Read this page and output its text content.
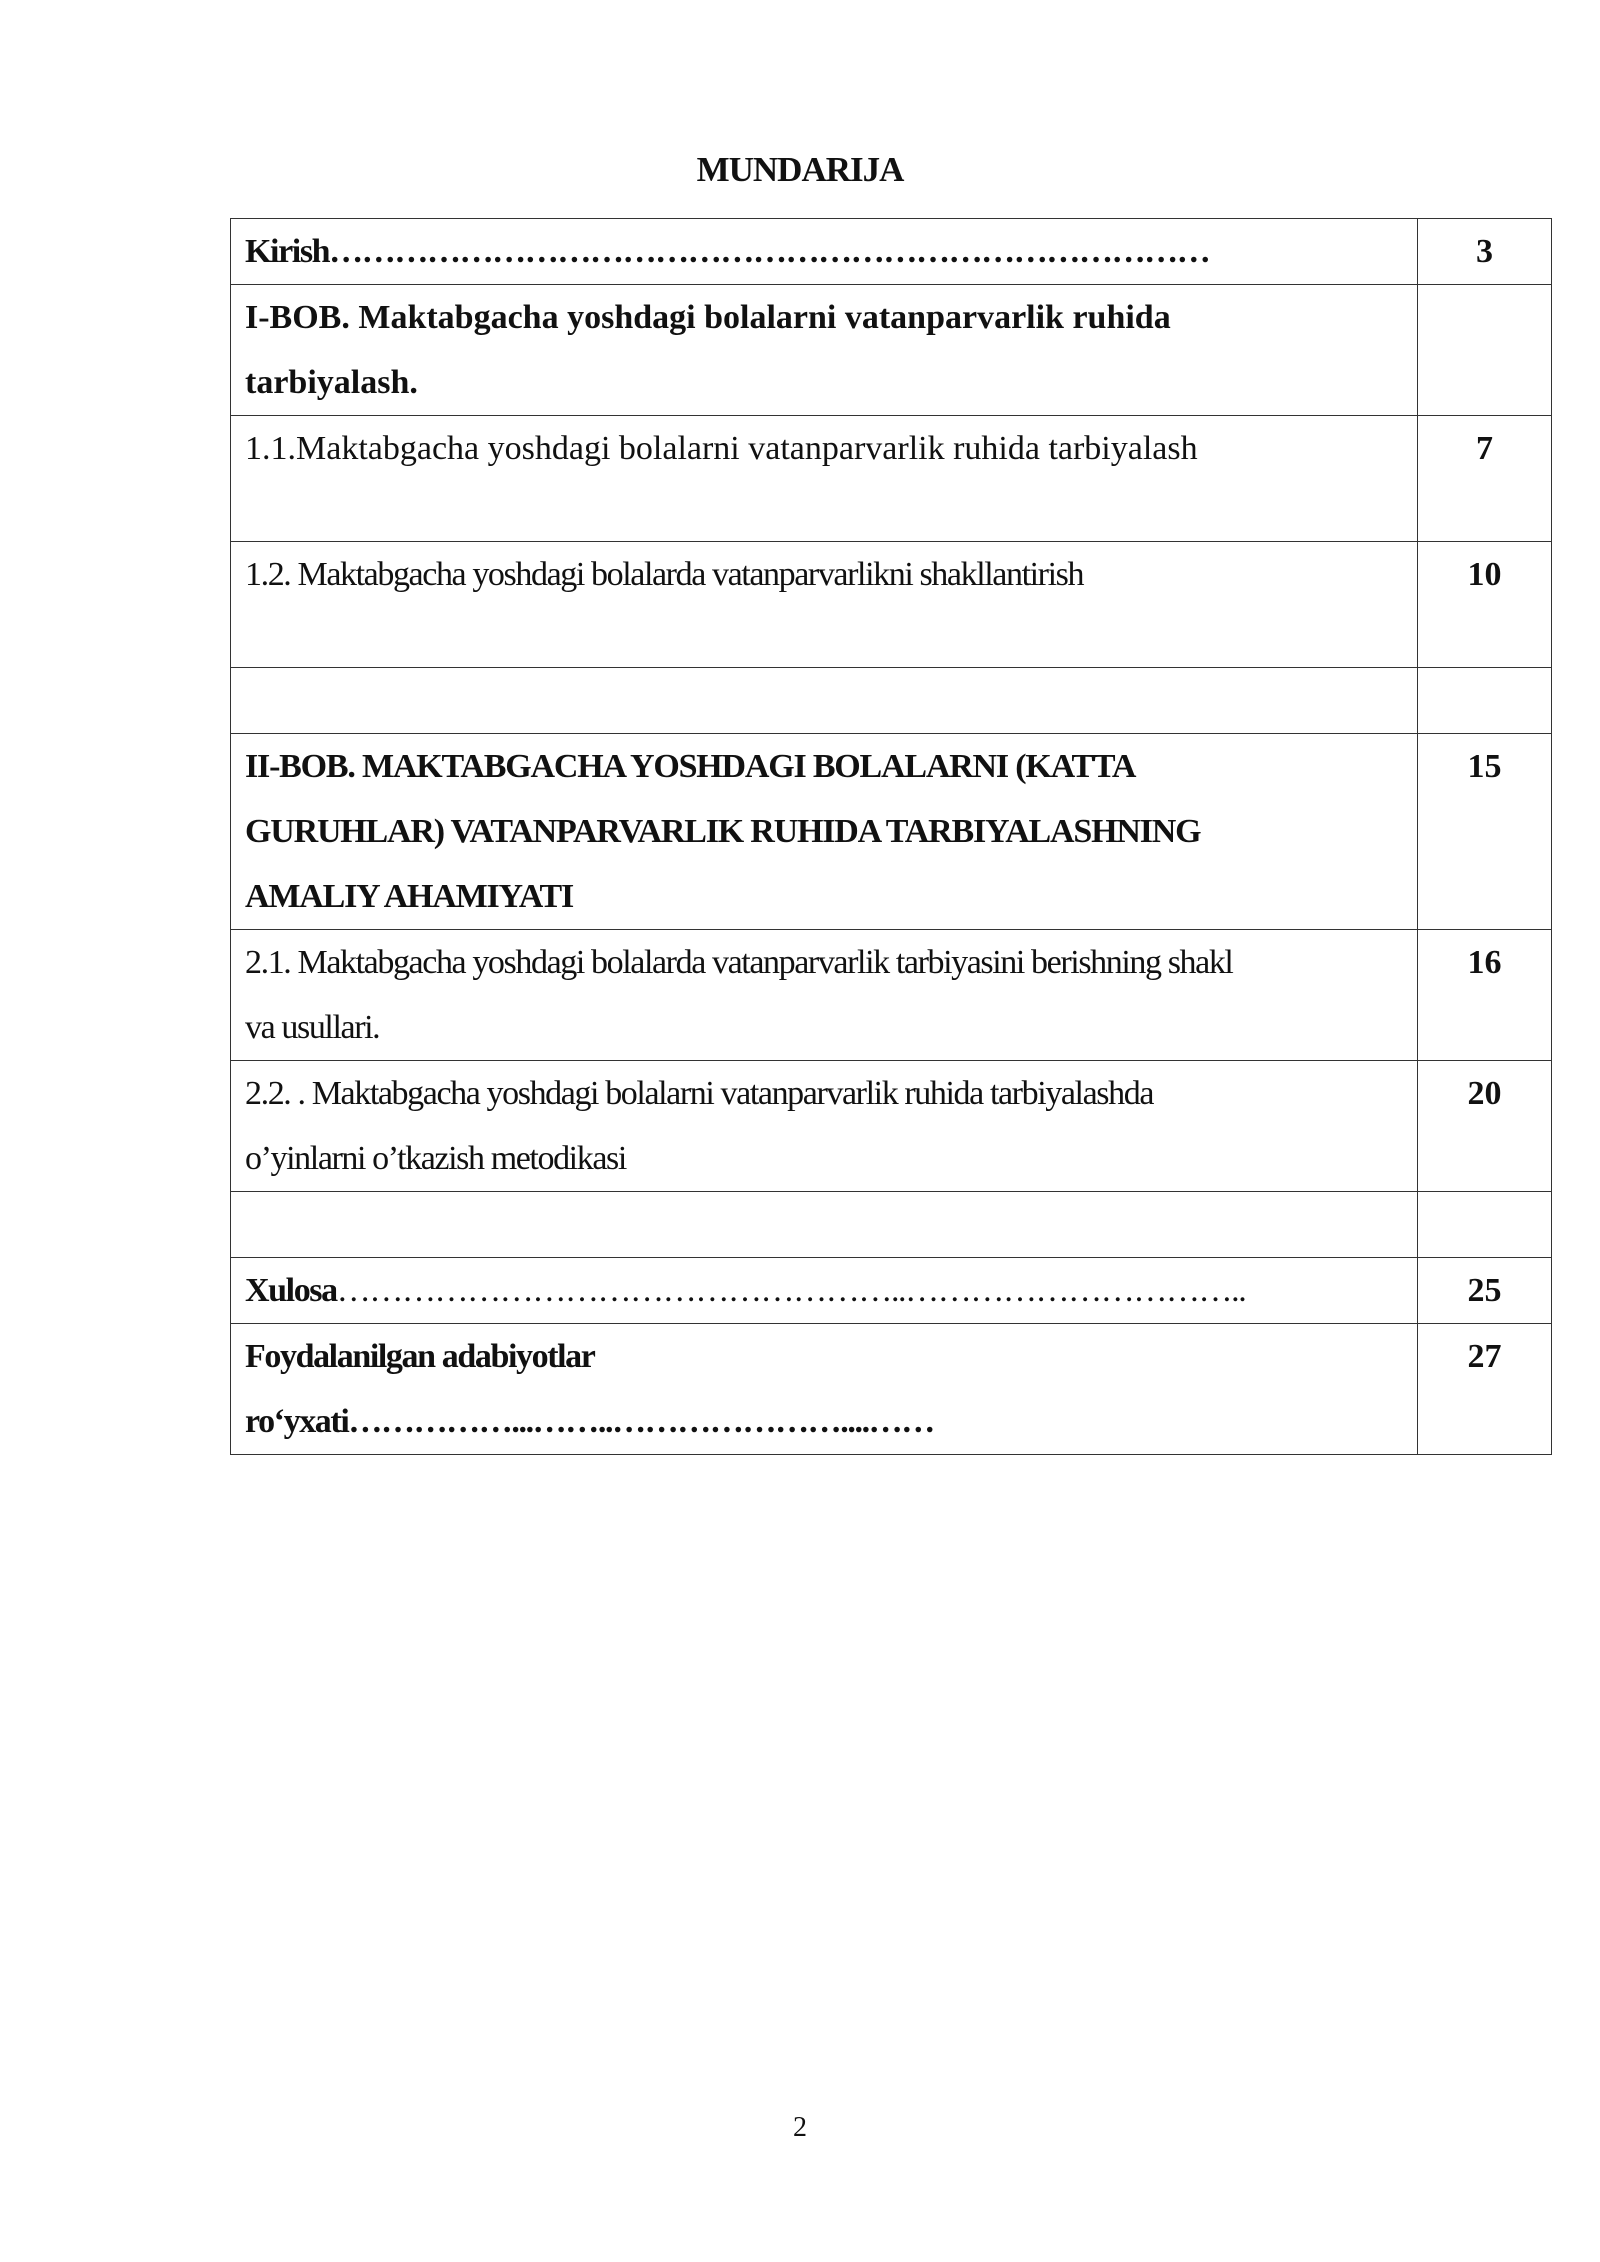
MUNDARIJA
Kirish………………………………………………………………………	3

I-BOB. Maktabgacha yoshdagi bolalarni vatanparvarlik ruhida
tarbiyalash.	

1.1.Maktabgacha yoshdagi bolalarni vatanparvarlik ruhida tarbiyalash	7
1.2. Maktabgacha yoshdagi bolalarda vatanparvarlikni shakllantirish	10

II-BOB. MAKTABGACHA YOSHDAGI BOLALARNI (KATTA
GURUHLAR) VATANPARVARLIK RUHIDA TARBIYALASHNING
AMALIY AHAMIYATI	15

2.1. Maktabgacha yoshdagi bolalarda vatanparvarlik tarbiyasini berishning shakl
va usullari.	16

2.2. . Maktabgacha yoshdagi bolalarni vatanparvarlik ruhida tarbiyalashda
o’yinlarni o’tkazish metodikasi	20

Xulosa……………………………………………..…………………………..	25

Foydalanilgan adabiyotlar
ro‘yxati……………...……..…………………....……	27
2
